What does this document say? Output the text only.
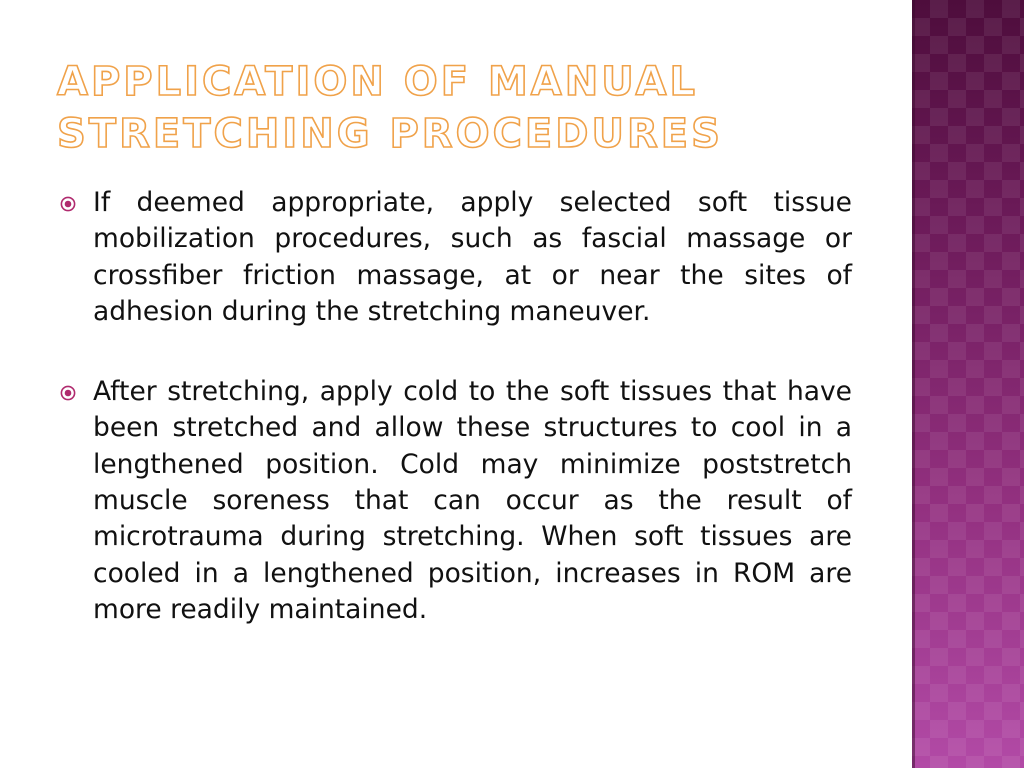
APPLICATION OF MANUAL
STRETCHING PROCEDURES
If deemed appropriate, apply selected soft tissue mobilization procedures, such as fascial massage or crossfiber friction massage, at or near the sites of adhesion during the stretching maneuver.
After stretching, apply cold to the soft tissues that have been stretched and allow these structures to cool in a lengthened position. Cold may minimize poststretch muscle soreness that can occur as the result of microtrauma during stretching. When soft tissues are cooled in a lengthened position, increases in ROM are more readily maintained.
